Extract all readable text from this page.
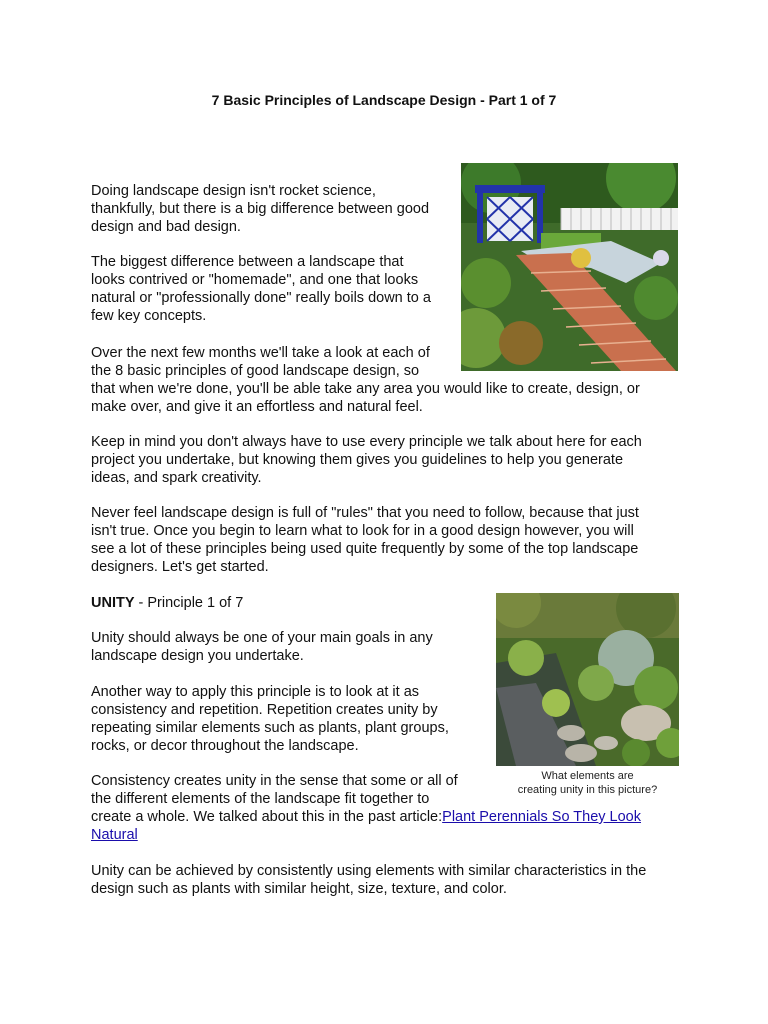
7 Basic Principles of Landscape Design - Part 1 of 7

Doing landscape design isn't rocket science,
thankfully, but there is a big difference between good
design and bad design.

The biggest difference between a landscape that
looks contrived or "homemade", and one that looks
natural or "professionally done" really boils down to a
few key concepts.

Over the next few months we'll take a look at each of
the 8 basic principles of good landscape design, so
that when we're done, you'll be able take any area you would like to create, design, or
make over, and give it an effortless and natural feel.

Keep in mind you don't always have to use every principle we talk about here for each
project you undertake, but knowing them gives you guidelines to help you generate
ideas, and spark creativity.

Never feel landscape design is full of "rules" that you need to follow, because that just
isn't true. Once you begin to learn what to look for in a good design however, you will
see a lot of these principles being used quite frequently by some of the top landscape
designers. Let's get started.

UNITY - Principle 1 of 7

What elements are
creating unity in this picture?

Unity should always be one of your main goals in any
landscape design you undertake.

Another way to apply this principle is to look at it as
consistency and repetition. Repetition creates unity by
repeating similar elements such as plants, plant groups,
rocks, or decor throughout the landscape.

Consistency creates unity in the sense that some or all of
the different elements of the landscape fit together to
create a whole. We talked about this in the past article:Plant Perennials So They Look
Natural

Unity can be achieved by consistently using elements with similar characteristics in the
design such as plants with similar height, size, texture, and color.
